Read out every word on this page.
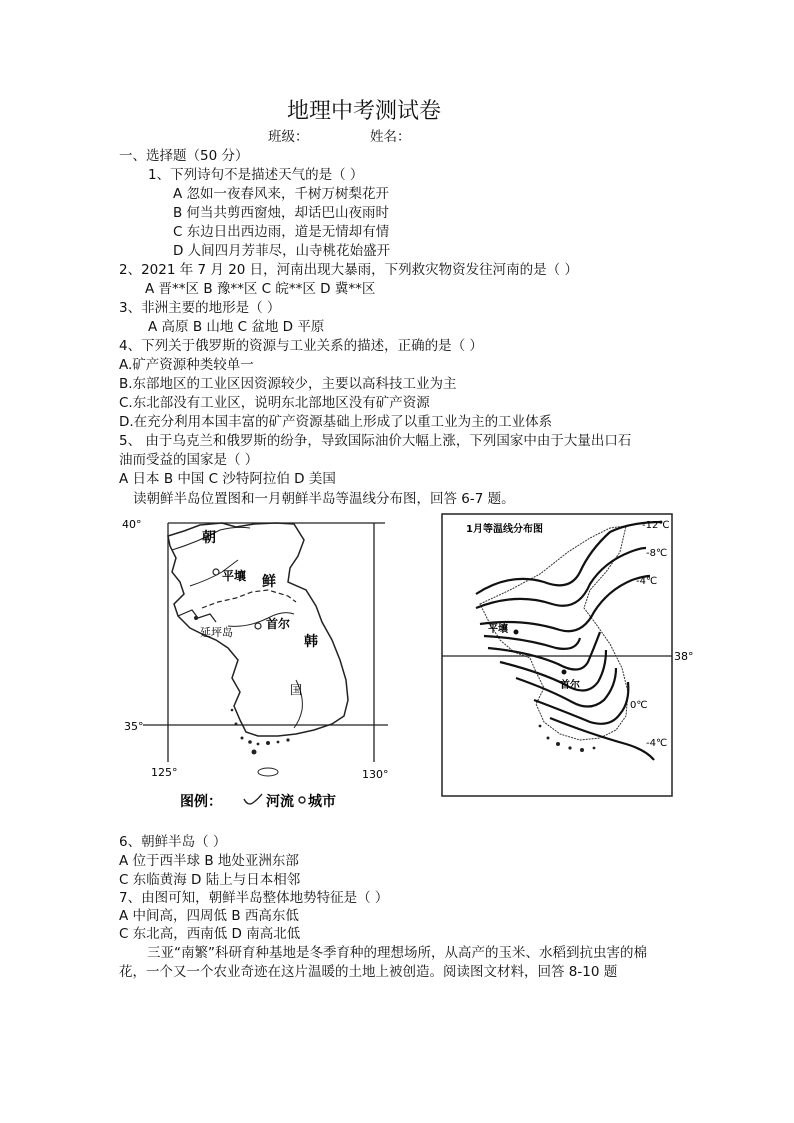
地理中考测试卷
班级：	姓名：
一、选择题（50 分）
1、下列诗句不是描述天气的是（ ）
A 忽如一夜春风来，千树万树梨花开
B 何当共剪西窗烛，却话巴山夜雨时
C 东边日出西边雨，道是无情却有情
D 人间四月芳菲尽，山寺桃花始盛开
2、2021 年 7 月 20 日，河南出现大暴雨，下列救灾物资发往河南的是（ ）
A 晋**区 B 豫**区 C 皖**区 D 冀**区
3、非洲主要的地形是（ ）
A 高原 B 山地 C 盆地 D 平原
4、下列关于俄罗斯的资源与工业关系的描述，正确的是（ ）
A.矿产资源种类较单一
B.东部地区的工业区因资源较少，主要以高科技工业为主
C.东北部没有工业区，说明东北部地区没有矿产资源
D.在充分利用本国丰富的矿产资源基础上形成了以重工业为主的工业体系
5、 由于乌克兰和俄罗斯的纷争，导致国际油价大幅上涨，下列国家中由于大量出口石
油而受益的国家是（ ）
A 日本 B 中国 C 沙特阿拉伯 D 美国
读朝鲜半岛位置图和一月朝鲜半岛等温线分布图，回答 6-7 题。
40°
35°
125°	130°
朝
平壤 鲜
首尔
延坪岛
韩
国
图例：	河流 城市
38°
1月等温线分布图
平壤
首尔
-12℃
-8℃
-4℃
0℃
-4℃
6、朝鲜半岛（ ）
A 位于西半球 B 地处亚洲东部
C 东临黄海 D 陆上与日本相邻
7、由图可知，朝鲜半岛整体地势特征是（ ）
A 中间高，四周低 B 西高东低
C 东北高，西南低 D 南高北低
三亚“南繁”科研育种基地是冬季育种的理想场所，从高产的玉米、水稻到抗虫害的棉
花，一个又一个农业奇迹在这片温暖的土地上被创造。阅读图文材料，回答 8-10 题
